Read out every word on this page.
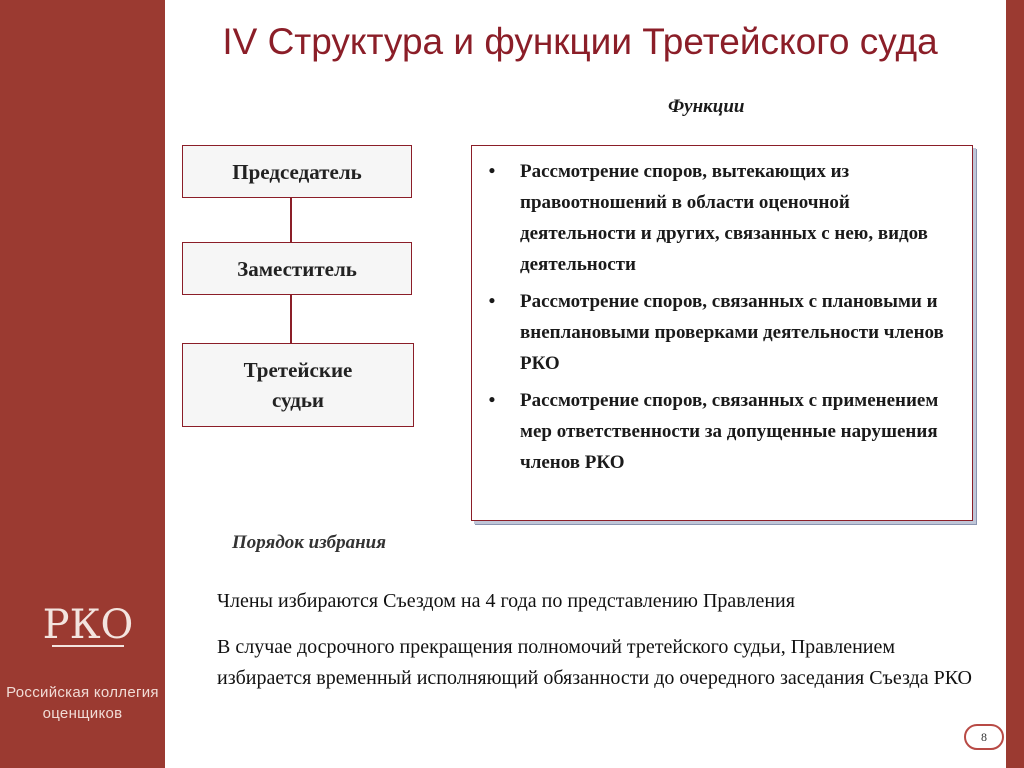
РКО
Российская коллегия оценщиков
IV Структура и функции Третейского суда
Функции
Председатель
Заместитель
Третейские судьи
•	Рассмотрение споров, вытекающих из правоотношений в области оценочной деятельности и других, связанных с нею, видов деятельности
•	Рассмотрение споров, связанных с плановыми и внеплановыми проверками деятельности членов РКО
•	Рассмотрение споров, связанных с применением мер ответственности за допущенные нарушения членов РКО
Порядок избрания

Члены избираются Съездом на 4 года по представлению Правления

В случае досрочного прекращения полномочий третейского судьи, Правлением избирается временный исполняющий обязанности до очередного заседания Съезда РКО

8
